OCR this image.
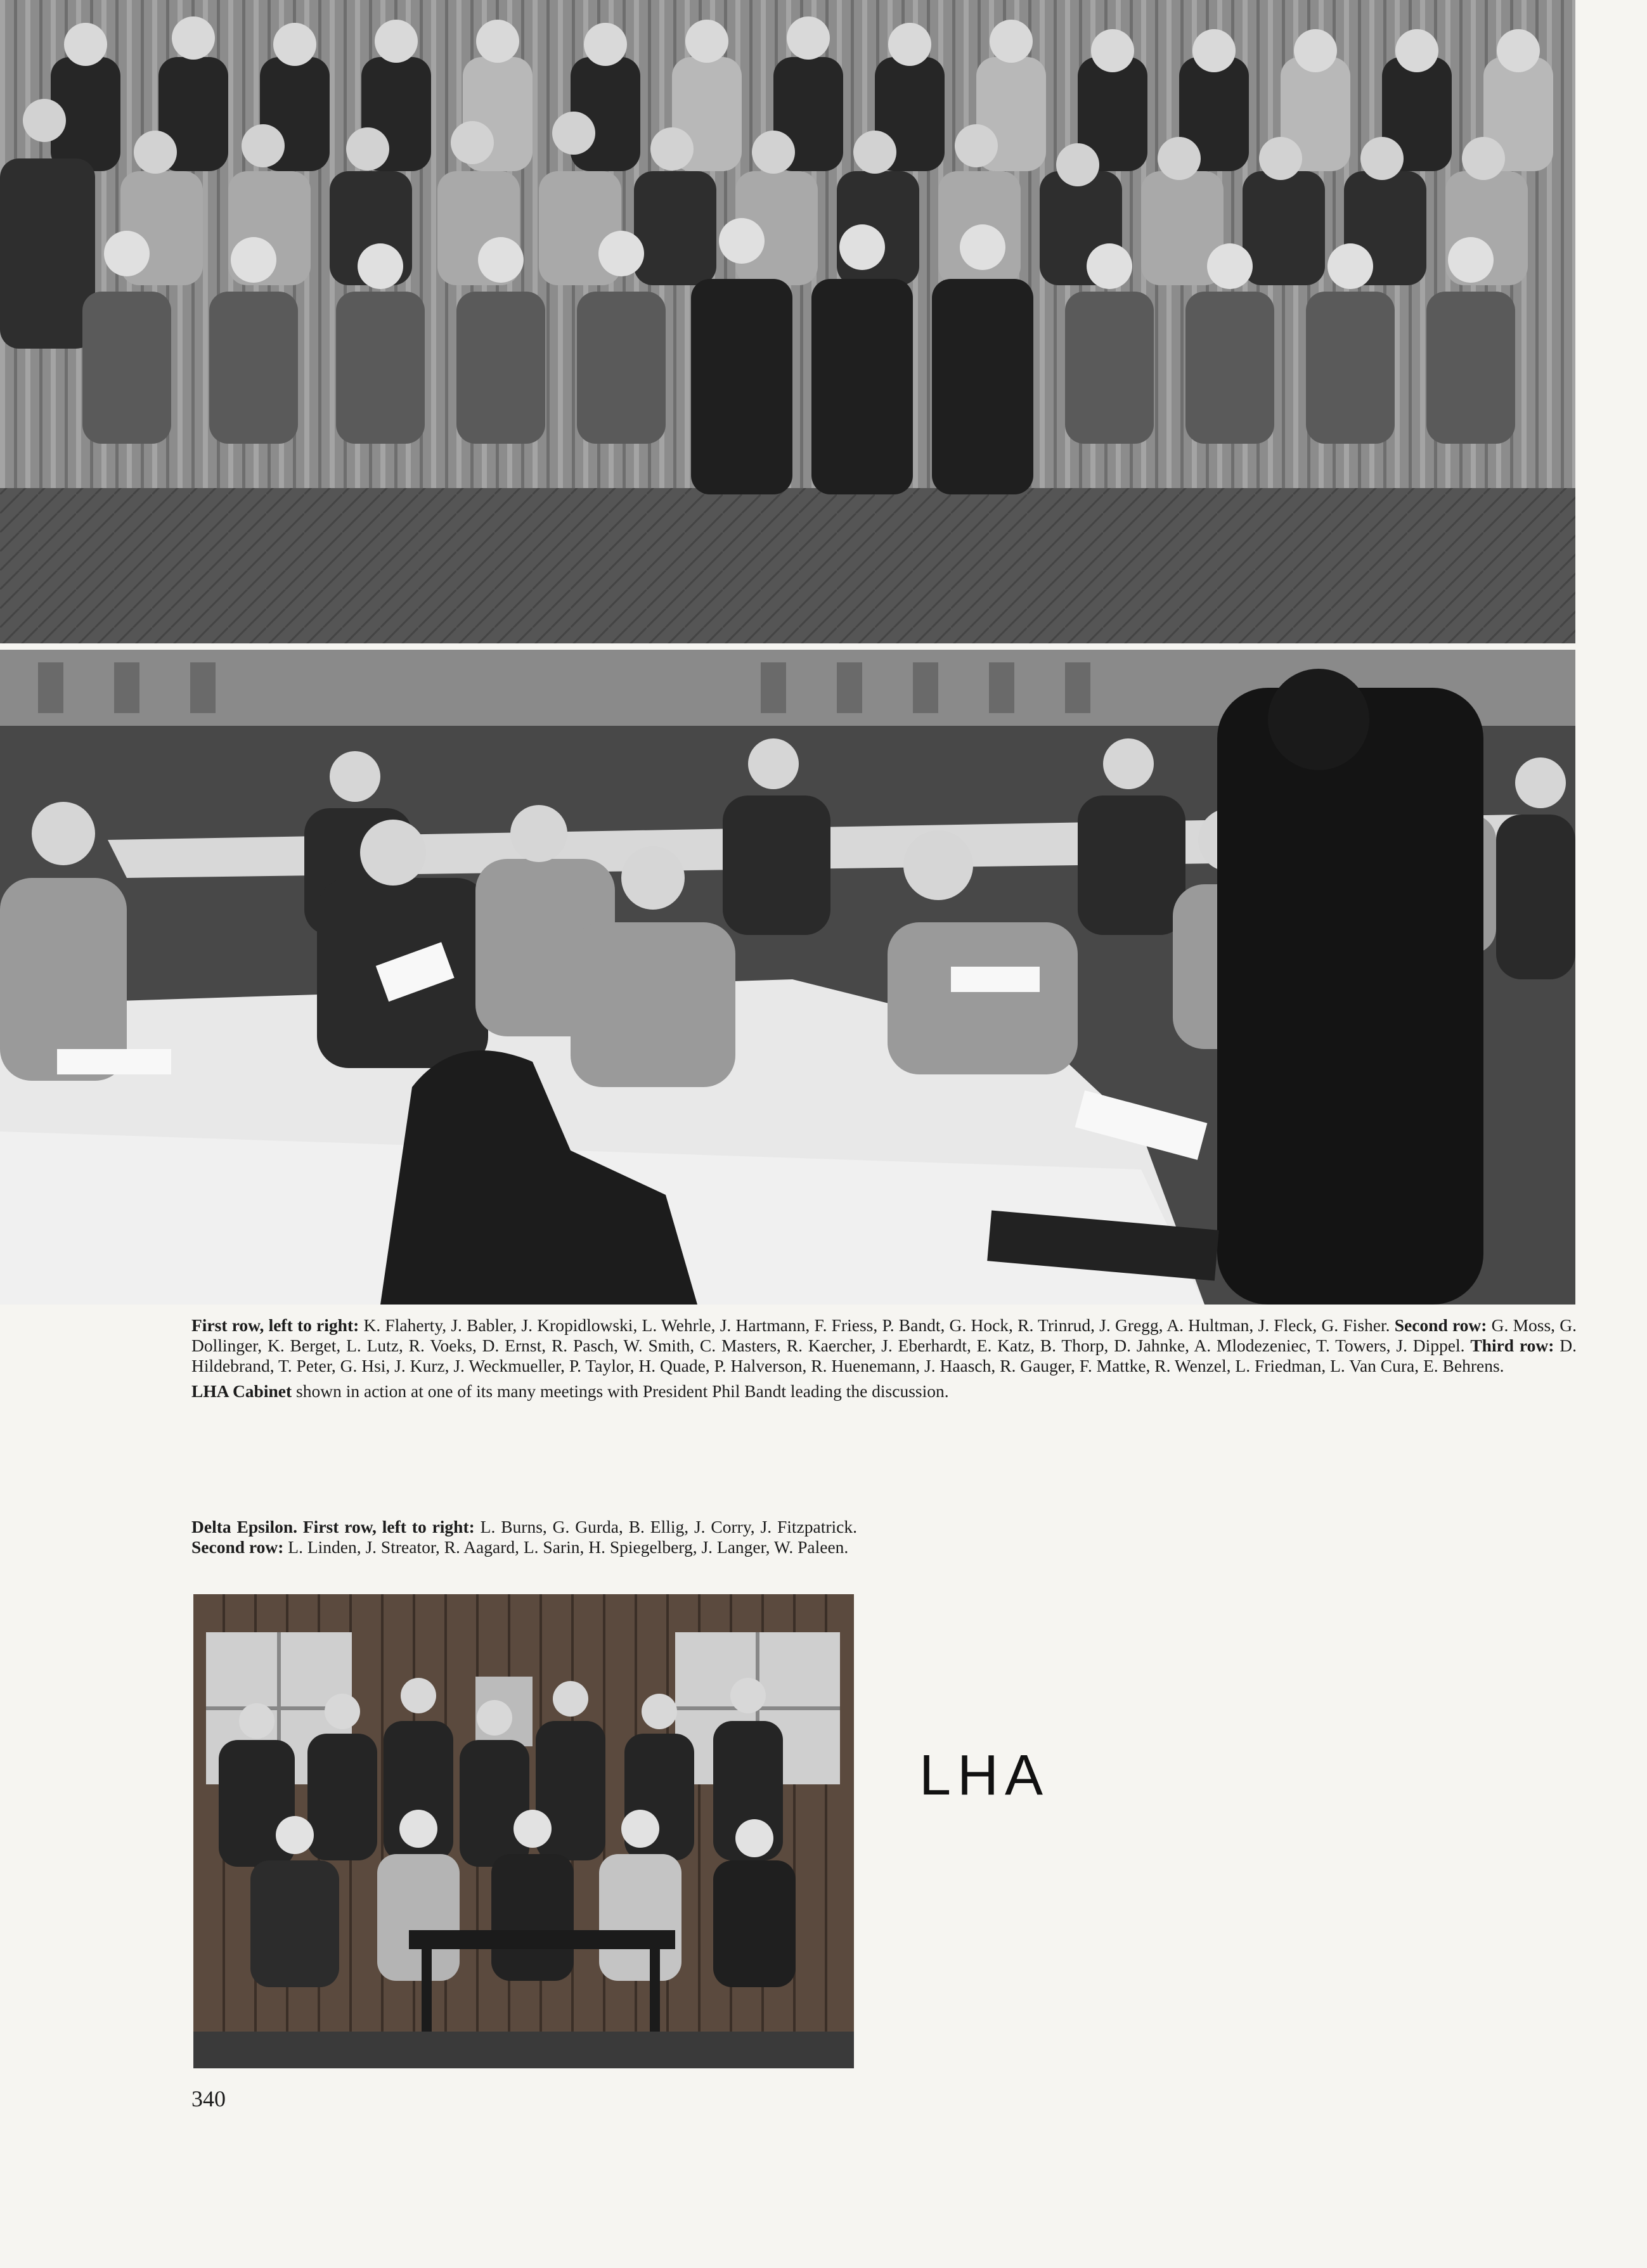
First row, left to right: K. Flaherty, J. Babler, J. Kropidlowski, L. Wehrle, J. Hartmann, F. Friess, P. Bandt, G. Hock, R. Trinrud, J. Gregg, A. Hultman, J. Fleck, G. Fisher. Second row: G. Moss, G. Dollinger, K. Berget, L. Lutz, R. Voeks, D. Ernst, R. Pasch, W. Smith, C. Masters, R. Kaercher, J. Eberhardt, E. Katz, B. Thorp, D. Jahnke, A. Mlodezeniec, T. Towers, J. Dippel. Third row: D. Hildebrand, T. Peter, G. Hsi, J. Kurz, J. Weckmueller, P. Taylor, H. Quade, P. Halverson, R. Huenemann, J. Haasch, R. Gauger, F. Mattke, R. Wenzel, L. Friedman, L. Van Cura, E. Behrens.
LHA Cabinet shown in action at one of its many meetings with President Phil Bandt leading the discussion.
Delta Epsilon. First row, left to right: L. Burns, G. Gurda, B. Ellig, J. Corry, J. Fitzpatrick. Second row: L. Linden, J. Streator, R. Aagard, L. Sarin, H. Spiegelberg, J. Langer, W. Paleen.
LHA
340
